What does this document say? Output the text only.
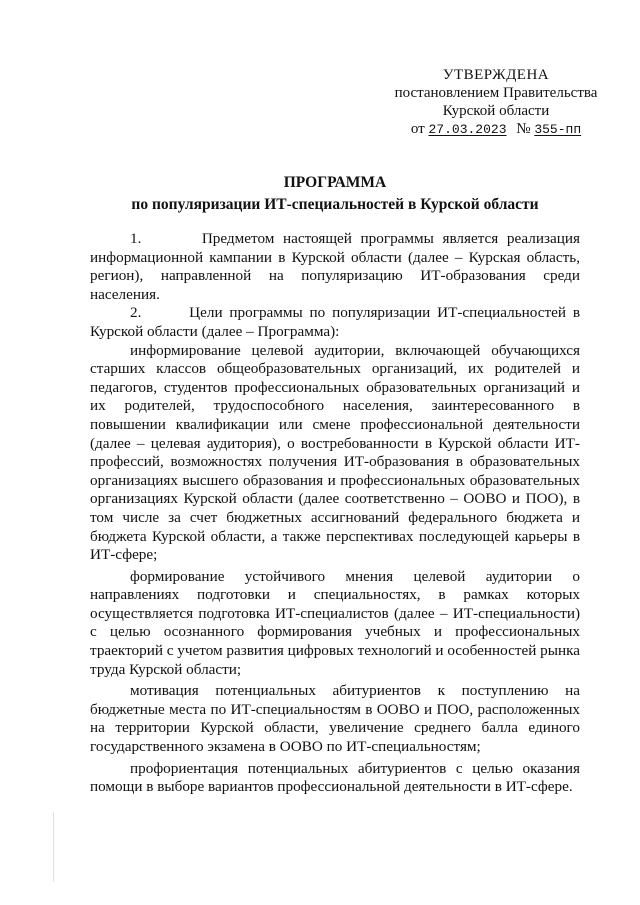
УТВЕРЖДЕНА
постановлением Правительства
Курской области
от 27.03.2023 № 355-пп
ПРОГРАММА
по популяризации ИТ-специальностей в Курской области

1.       Предметом настоящей программы является реализация информационной кампании в Курской области (далее – Курская область, регион), направленной на популяризацию ИТ-образования среди населения.

2.       Цели программы по популяризации ИТ-специальностей в Курской области (далее – Программа):

информирование целевой аудитории, включающей обучающихся старших классов общеобразовательных организаций, их родителей и педагогов, студентов профессиональных образовательных организаций и их родителей, трудоспособного населения, заинтересованного в повышении квалификации или смене профессиональной деятельности (далее – целевая аудитория), о востребованности в Курской области ИТ-профессий, возможностях получения ИТ-образования в образовательных организациях высшего образования и профессиональных образовательных организациях Курской области (далее соответственно – ООВО и ПОО), в том числе за счет бюджетных ассигнований федерального бюджета и бюджета Курской области, а также перспективах последующей карьеры в ИТ-сфере;

формирование устойчивого мнения целевой аудитории о направлениях подготовки и специальностях, в рамках которых осуществляется подготовка ИТ-специалистов (далее – ИТ-специальности) с целью осознанного формирования учебных и профессиональных траекторий с учетом развития цифровых технологий и особенностей рынка труда Курской области;

мотивация потенциальных абитуриентов к поступлению на бюджетные места по ИТ-специальностям в ООВО и ПОО, расположенных на территории Курской области, увеличение среднего балла единого государственного экзамена в ООВО по ИТ-специальностям;

профориентация потенциальных абитуриентов с целью оказания помощи в выборе вариантов профессиональной деятельности в ИТ-сфере.
